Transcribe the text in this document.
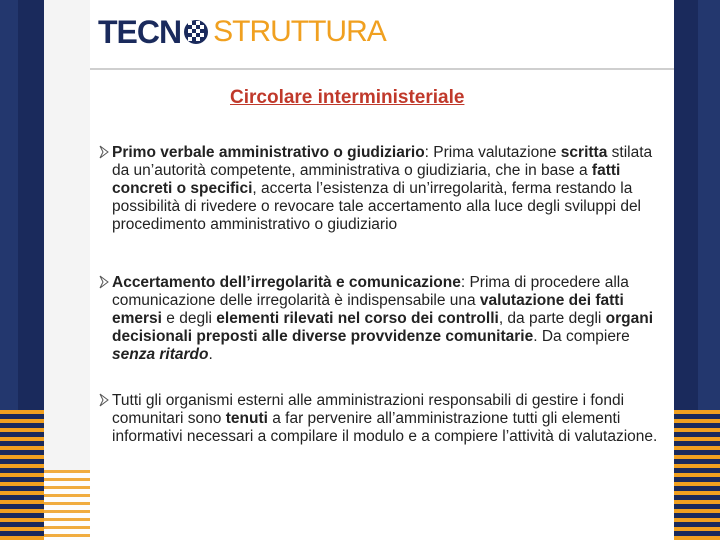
TECN STRUTTURA
Circolare interministeriale
Primo verbale amministrativo o giudiziario: Prima valutazione scritta stilata da un’autorità competente, amministrativa o giudiziaria, che in base a fatti concreti o specifici, accerta l’esistenza di un’irregolarità, ferma restando la possibilità di rivedere o revocare tale accertamento alla luce degli sviluppi del procedimento amministrativo o giudiziario
Accertamento dell’irregolarità e comunicazione: Prima di procedere alla comunicazione delle irregolarità è indispensabile una valutazione dei fatti emersi e degli elementi rilevati nel corso dei controlli, da parte degli organi decisionali preposti alle diverse provvidenze comunitarie. Da compiere senza ritardo.
Tutti gli organismi esterni alle amministrazioni responsabili di gestire i fondi comunitari sono tenuti a far pervenire all’amministrazione tutti gli elementi informativi necessari a compilare il modulo e a compiere l’attività di valutazione.
